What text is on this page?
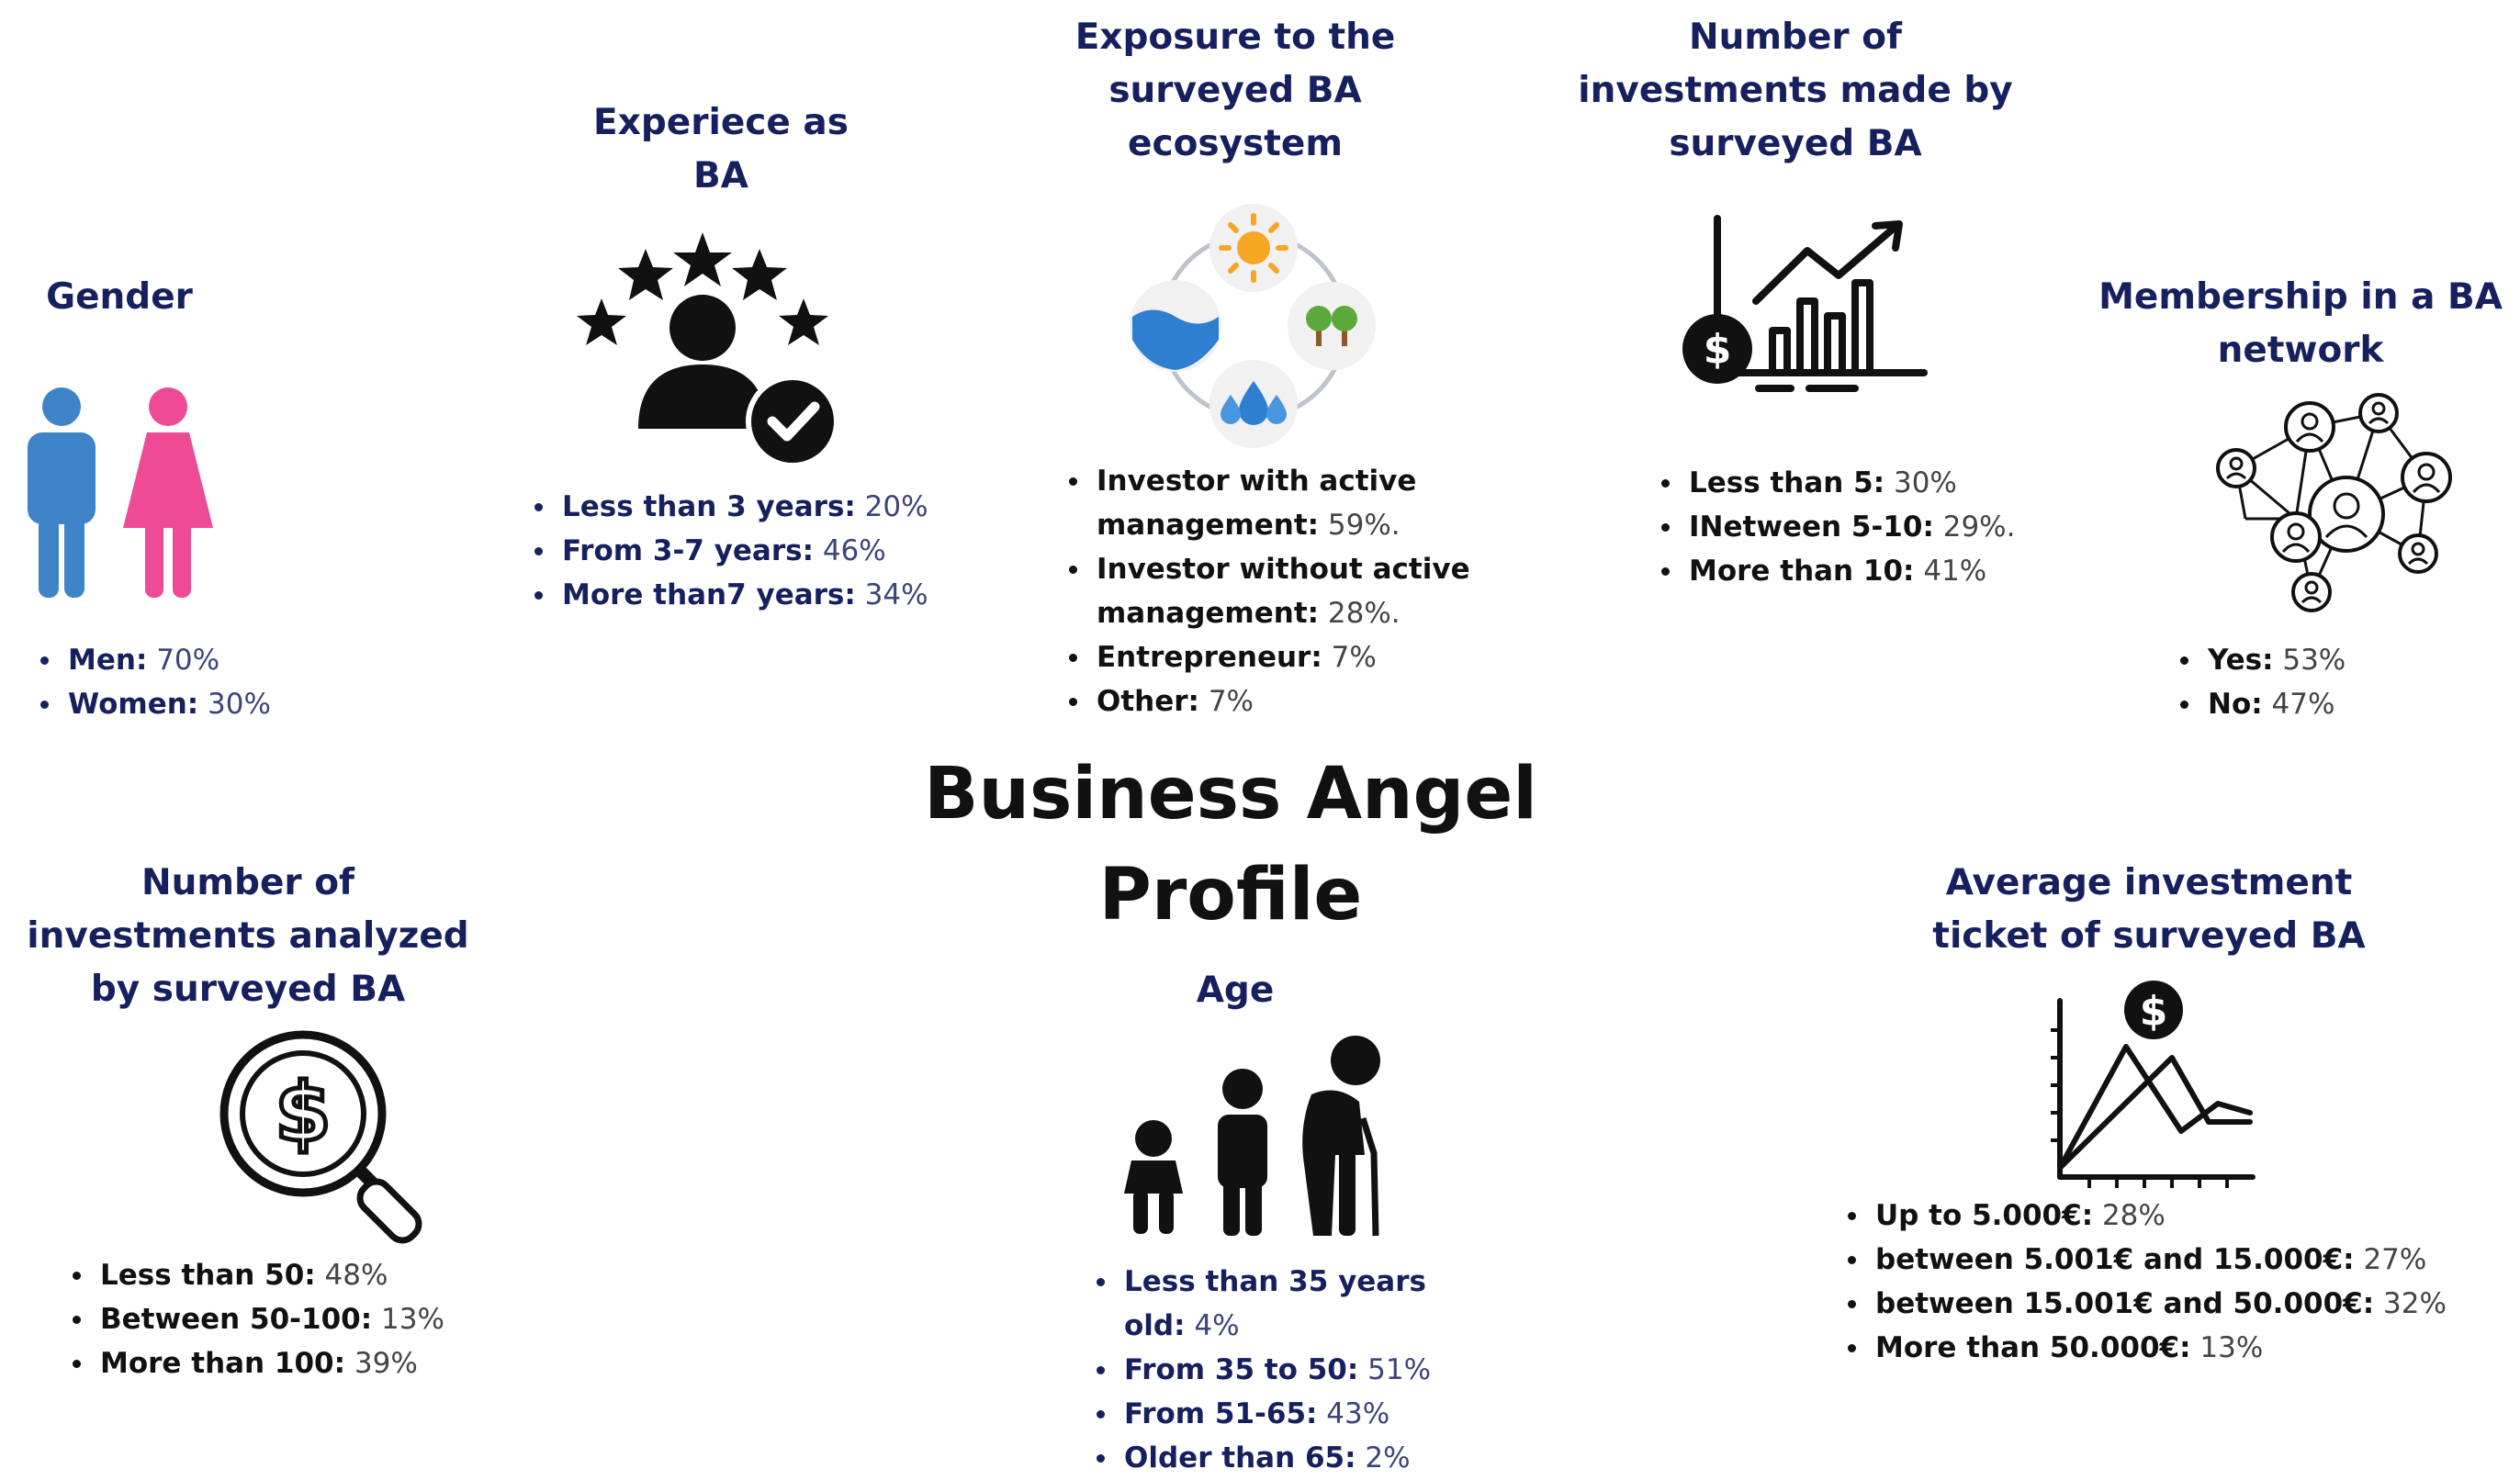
Business Angel
Profile
Gender
Men: 70%
Women: 30%
Experiece as
BA
Less than 3 years: 20%
From 3-7 years: 46%
More than7 years: 34%
Exposure to the
surveyed BA
ecosystem
Investor with active management: 59%.
Investor without active management: 28%.
Entrepreneur: 7%
Other: 7%
Number of
investments made by
surveyed BA
$
Less than 5: 30%
INetween 5-10: 29%.
More than 10: 41%
Membership in a BA
network
Yes: 53%
No: 47%
Number of
investments analyzed
by surveyed BA
$
Less than 50: 48%
Between 50-100: 13%
More than 100: 39%
Age
Less than 35 years old: 4%
From 35 to 50: 51%
From 51-65: 43%
Older than 65: 2%
Average investment
ticket of surveyed BA
$
Up to 5.000€: 28%
between 5.001€ and 15.000€: 27%
between 15.001€ and 50.000€: 32%
More than 50.000€: 13%
